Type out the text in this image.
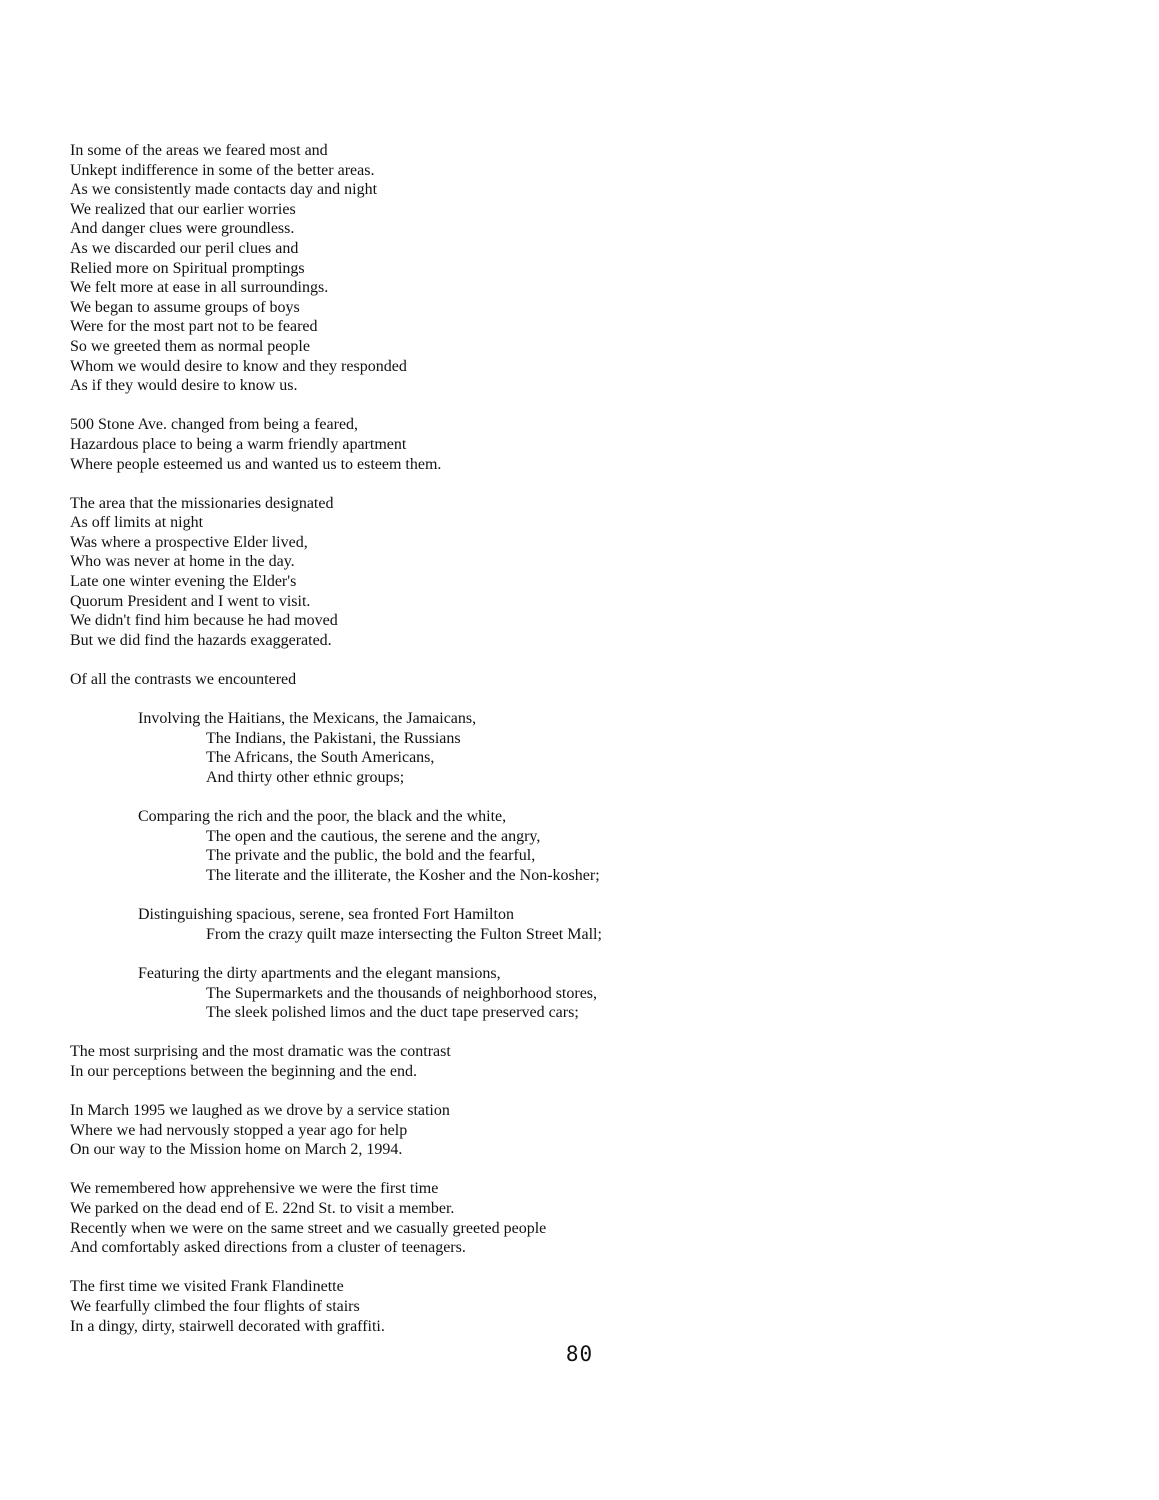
In some of the areas we feared most and
Unkept indifference in some of the better areas.
As we consistently made contacts day and night
We realized that our earlier worries
And danger clues were groundless.
As we discarded our peril clues and
Relied more on Spiritual promptings
We felt more at ease in all surroundings.
We began to assume groups of boys
Were for the most part not to be feared
So we greeted them as normal people
Whom we would desire to know and they responded
As if they would desire to know us.
500 Stone Ave. changed from being a feared,
Hazardous place to being a warm friendly apartment
Where people esteemed us and wanted us to esteem them.
The area that the missionaries designated
As off limits at night
Was where a prospective Elder lived,
Who was never at home in the day.
Late one winter evening the Elder's
Quorum President and I went to visit.
We didn't find him because he had moved
But we did find the hazards exaggerated.
Of all the contrasts we encountered
Involving the Haitians, the Mexicans, the Jamaicans,
The Indians, the Pakistani, the Russians
The Africans, the South Americans,
And thirty other ethnic groups;
Comparing the rich and the poor, the black and the white,
The open and the cautious, the serene and the angry,
The private and the public, the bold and the fearful,
The literate and the illiterate, the Kosher and the Non-kosher;
Distinguishing spacious, serene, sea fronted Fort Hamilton
From the crazy quilt maze intersecting the Fulton Street Mall;
Featuring the dirty apartments and the elegant mansions,
The Supermarkets and the thousands of neighborhood stores,
The sleek polished limos and the duct tape preserved cars;
The most surprising and the most dramatic was the contrast
In our perceptions between the beginning and the end.
In March 1995 we laughed as we drove by a service station
Where we had nervously stopped a year ago for help
On our way to the Mission home on March 2, 1994.
We remembered how apprehensive we were the first time
We parked on the dead end of E. 22nd St. to visit a member.
Recently when we were on the same street and we casually greeted people
And comfortably asked directions from a cluster of teenagers.
The first time we visited Frank Flandinette
We fearfully climbed the four flights of stairs
In a dingy, dirty, stairwell decorated with graffiti.
80
